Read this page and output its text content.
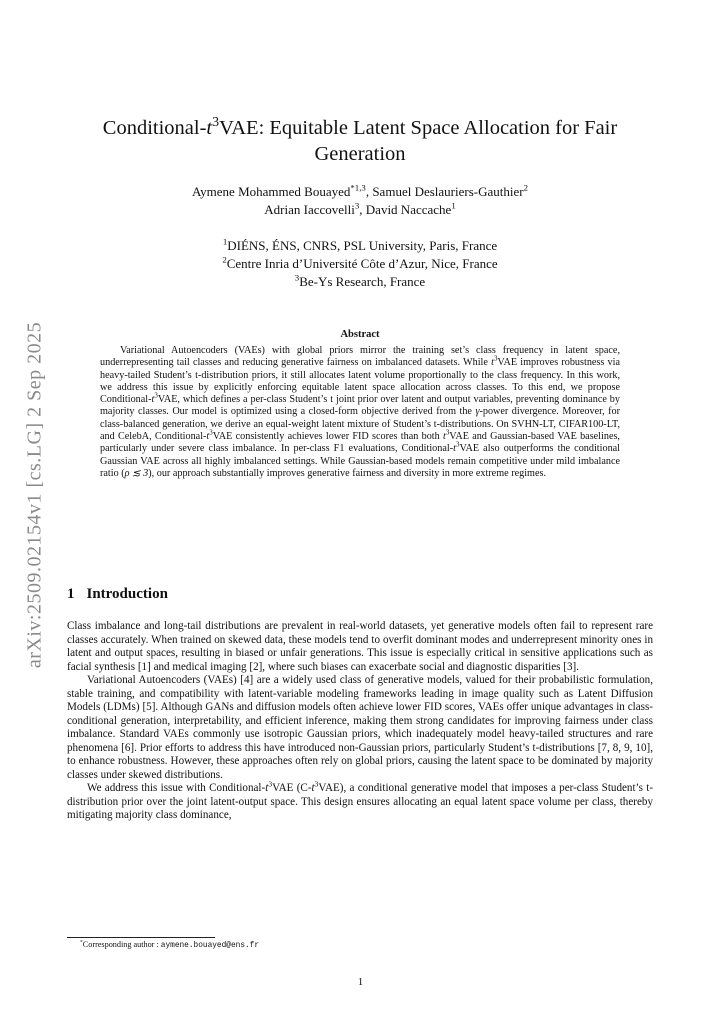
arXiv:2509.02154v1 [cs.LG] 2 Sep 2025
Conditional-$t^3VAE$: Equitable Latent Space Allocation for Fair Generation
Aymene Mohammed Bouayed$^{*1,3}$, Samuel Deslauriers-Gauthier$^2$
Adrian Iaccovelli$^3$, David Naccache$^1$
$^1$DIÉNS, ÉNS, CNRS, PSL University, Paris, France
$^2$Centre Inria d’Université Côte d’Azur, Nice, France
$^3$Be-Ys Research, France
Abstract

Variational Autoencoders (VAEs) with global priors mirror the training set’s class frequency in latent space, underrepresenting tail classes and reducing generative fairness on imbalanced datasets. While $t^3VAE$ improves robustness via heavy-tailed Student’s t-distribution priors, it still allocates latent volume proportionally to the class frequency. In this work, we address this issue by explicitly enforcing equitable latent space allocation across classes. To this end, we propose Conditional-$t^3VAE$, which defines a per-class Student’s t joint prior over latent and output variables, preventing dominance by majority classes. Our model is optimized using a closed-form objective derived from the γ-power divergence. Moreover, for class-balanced generation, we derive an equal-weight latent mixture of Student’s t-distributions. On SVHN-LT, CIFAR100-LT, and CelebA, Conditional-$t^3VAE$ consistently achieves lower FID scores than both $t^3VAE$ and Gaussian-based VAE baselines, particularly under severe class imbalance. In per-class F1 evaluations, Conditional-$t^3VAE$ also outperforms the conditional Gaussian VAE across all highly imbalanced settings. While Gaussian-based models remain competitive under mild imbalance ratio (ρ ≲ 3), our approach substantially improves generative fairness and diversity in more extreme regimes.

1 Introduction

Class imbalance and long-tail distributions are prevalent in real-world datasets, yet generative models often fail to represent rare classes accurately. When trained on skewed data, these models tend to overfit dominant modes and underrepresent minority ones in latent and output spaces, resulting in biased or unfair generations. This issue is especially critical in sensitive applications such as facial synthesis [1] and medical imaging [2], where such biases can exacerbate social and diagnostic disparities [3].

Variational Autoencoders (VAEs) [4] are a widely used class of generative models, valued for their probabilistic formulation, stable training, and compatibility with latent-variable modeling frameworks leading in image quality such as Latent Diffusion Models (LDMs) [5]. Although GANs and diffusion models often achieve lower FID scores, VAEs offer unique advantages in class-conditional generation, interpretability, and efficient inference, making them strong candidates for improving fairness under class imbalance. Standard VAEs commonly use isotropic Gaussian priors, which inadequately model heavy-tailed structures and rare phenomena [6]. Prior efforts to address this have introduced non-Gaussian priors, particularly Student’s t-distributions [7, 8, 9, 10], to enhance robustness. However, these approaches often rely on global priors, causing the latent space to be dominated by majority classes under skewed distributions.

We address this issue with Conditional-$t^3VAE$ $(C-t^3VAE)$, a conditional generative model that imposes a per-class Student’s t-distribution prior over the joint latent-output space. This design ensures allocating an equal latent space volume per class, thereby mitigating majority class dominance,

*Corresponding author : aymene.bouayed@ens.fr
1
